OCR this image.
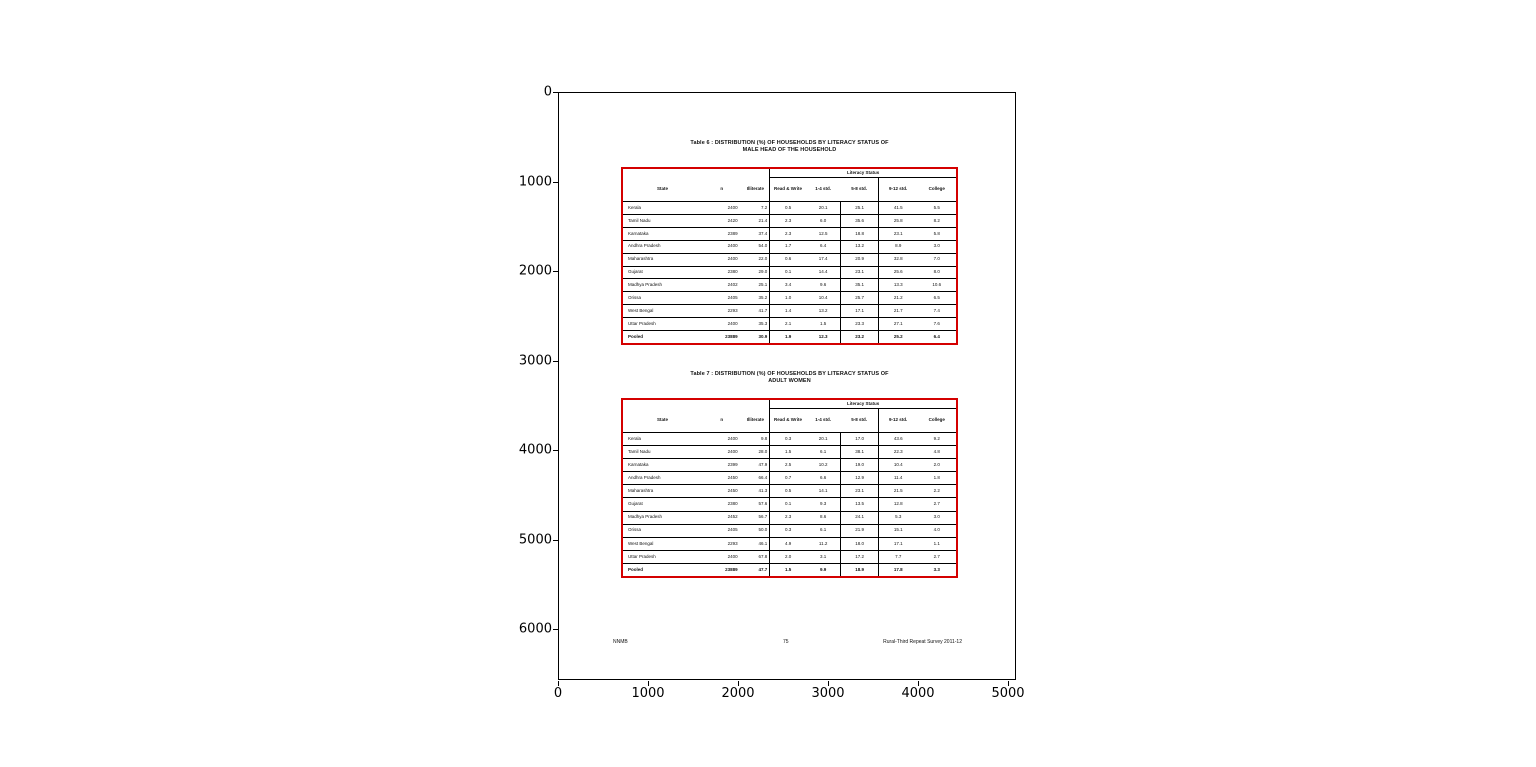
Table 6 : DISTRIBUTION (%) OF HOUSEHOLDS BY LITERACY STATUS OF
MALE HEAD OF THE HOUSEHOLD
Literacy Status
State	n	Illiterate	Read & Write	1-4 std.	5-8 std.	9-12 std.	College
Kerala	2400	7.2	0.5	20.1	25.1	41.5	5.5
Tamil Nadu	2420	21.4	2.3	6.0	35.6	25.8	8.2
Karnataka	2389	37.4	2.3	12.5	18.8	23.1	5.8
Andhra Pradesh	2400	54.0	1.7	6.4	13.2	8.9	3.0
Maharashtra	2400	22.0	0.6	17.4	20.9	32.8	7.0
Gujarat	2380	29.0	0.1	14.4	23.1	25.6	8.0
Madhya Pradesh	2402	25.1	3.4	9.6	35.1	13.3	10.6
Orissa	2405	35.2	1.0	10.4	25.7	21.2	6.5
West Bengal	2293	41.7	1.4	13.2	17.1	21.7	7.4
Uttar Pradesh	2400	35.3	2.1	1.5	23.3	27.1	7.6
Pooled	23889	30.9	1.9	12.3	23.2	25.2	6.4
Table 7 : DISTRIBUTION (%) OF HOUSEHOLDS BY LITERACY STATUS OF
ADULT WOMEN
Literacy Status
State	n	Illiterate	Read & Write	1-4 std.	5-8 std.	9-12 std.	College
Kerala	2400	9.8	0.3	20.1	17.0	43.6	9.2
Tamil Nadu	2400	28.0	1.5	6.1	38.1	22.3	4.8
Karnataka	2399	47.9	2.5	10.2	19.0	10.4	2.0
Andhra Pradesh	2450	66.4	0.7	6.6	12.9	11.4	1.8
Maharashtra	2450	41.3	0.5	14.1	23.1	21.5	2.2
Gujarat	2380	57.6	0.1	9.3	13.5	12.8	2.7
Madhya Pradesh	2452	56.7	2.3	8.6	24.1	5.3	3.0
Orissa	2405	50.0	0.3	6.1	21.9	15.1	4.0
West Bengal	2293	46.1	4.9	11.2	18.0	17.1	1.1
Uttar Pradesh	2400	67.8	2.0	3.1	17.2	7.7	2.7
Pooled	23889	47.7	1.5	9.9	18.9	17.8	3.3
NNMB	75	Rural-Third Repeat Survey 2011-12
0
1000
2000
3000
4000
5000
6000
0	1000	2000	3000	4000	5000
